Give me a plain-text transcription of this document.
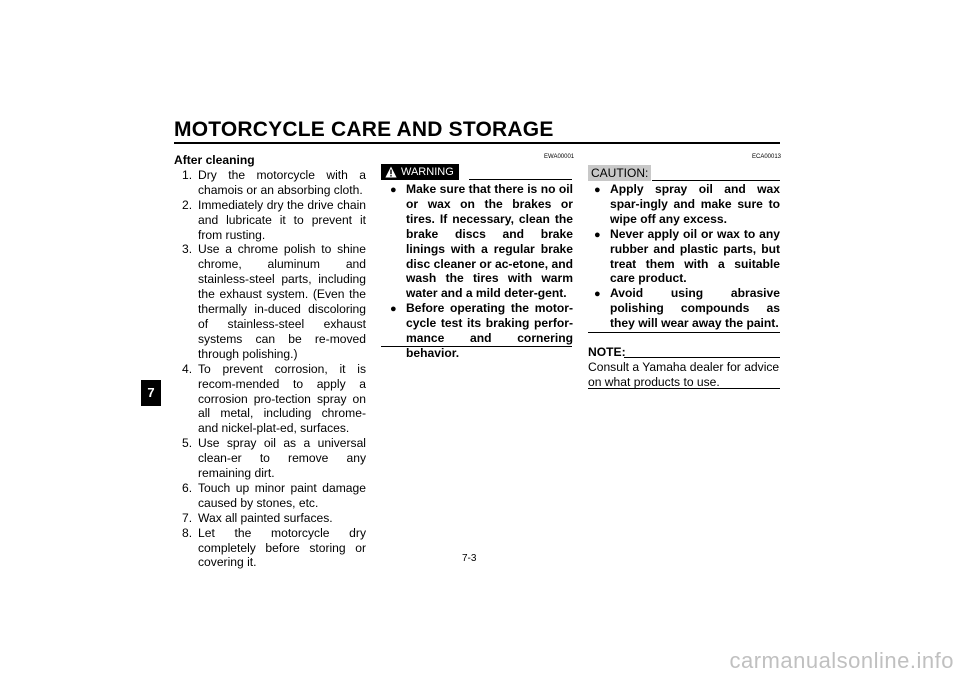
MOTORCYCLE CARE AND STORAGE
7
After cleaning
1. Dry the motorcycle with a chamois or an absorbing cloth.
2. Immediately dry the drive chain and lubricate it to prevent it from rusting.
3. Use a chrome polish to shine chrome, aluminum and stainless-steel parts, including the exhaust system. (Even the thermally in-duced discoloring of stainless-steel exhaust systems can be re-moved through polishing.)
4. To prevent corrosion, it is recom-mended to apply a corrosion pro-tection spray on all metal, including chrome- and nickel-plat-ed, surfaces.
5. Use spray oil as a universal clean-er to remove any remaining dirt.
6. Touch up minor paint damage caused by stones, etc.
7. Wax all painted surfaces.
8. Let the motorcycle dry completely before storing or covering it.
EWA00001
WARNING
● Make sure that there is no oil or wax on the brakes or tires. If necessary, clean the brake discs and brake linings with a regular brake disc cleaner or ac-etone, and wash the tires with warm water and a mild deter-gent.
● Before operating the motor-cycle test its braking perfor-mance and cornering behavior.
ECA00013
CAUTION:
● Apply spray oil and wax spar-ingly and make sure to wipe off any excess.
● Never apply oil or wax to any rubber and plastic parts, but treat them with a suitable care product.
● Avoid using abrasive polishing compounds as they will wear away the paint.
NOTE:
Consult a Yamaha dealer for advice on what products to use.
7-3
carmanualsonline.info
